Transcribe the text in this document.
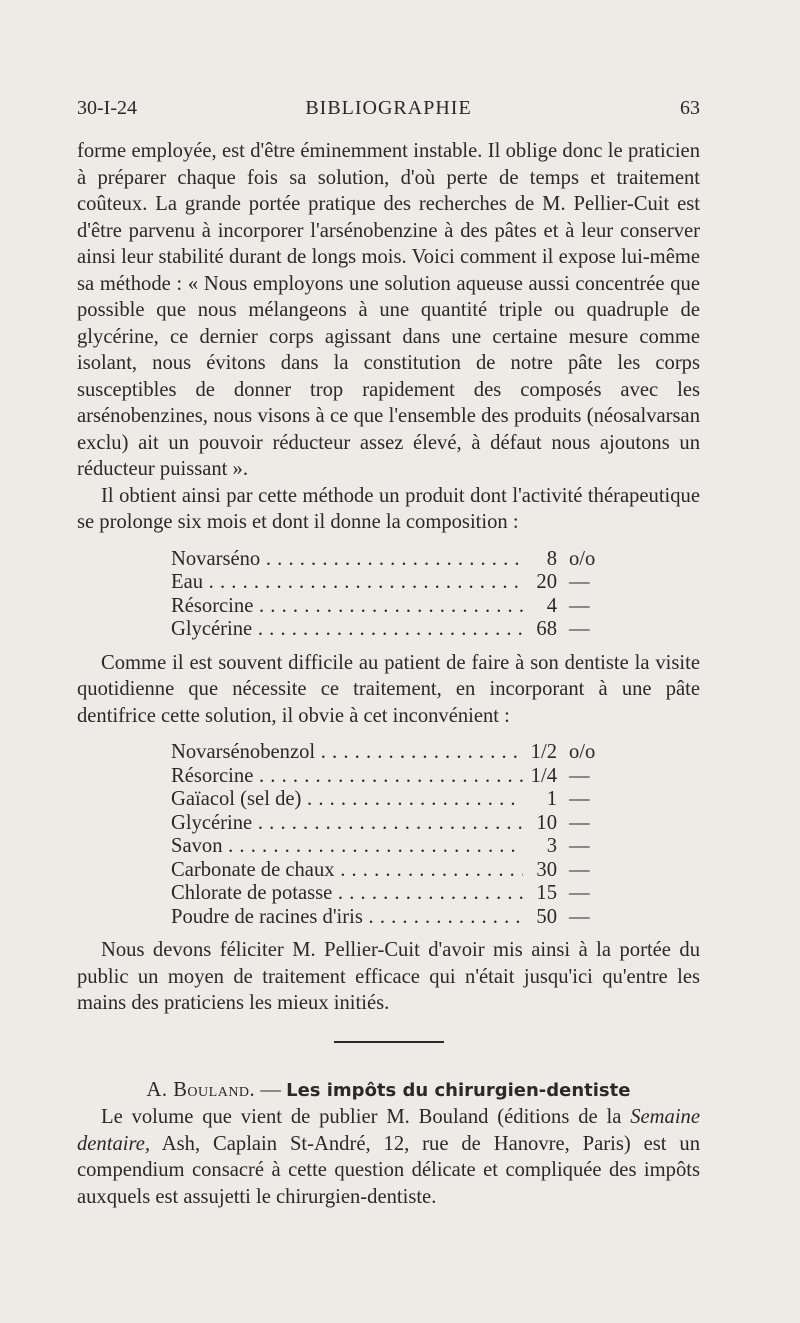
30-I-24	BIBLIOGRAPHIE	63

forme employée, est d'être éminemment instable. Il oblige donc le praticien à préparer chaque fois sa solution, d'où perte de temps et traitement coûteux. La grande portée pratique des recherches de M. Pellier-Cuit est d'être parvenu à incorporer l'arsénobenzine à des pâtes et à leur conserver ainsi leur stabilité durant de longs mois. Voici comment il expose lui-même sa méthode : « Nous employons une solution aqueuse aussi concentrée que possible que nous mélangeons à une quantité triple ou quadruple de glycérine, ce dernier corps agissant dans une certaine mesure comme isolant, nous évitons dans la constitution de notre pâte les corps susceptibles de donner trop rapidement des composés avec les arsénobenzines, nous visons à ce que l'ensemble des produits (néosalvarsan exclu) ait un pouvoir réducteur assez élevé, à défaut nous ajoutons un réducteur puissant ».

Il obtient ainsi par cette méthode un produit dont l'activité thérapeutique se prolonge six mois et dont il donne la composition :

Novarséno . . .	8 o/o
Eau . . .	20 —
Résorcine . . .	4 —
Glycérine . . .	68 —

Comme il est souvent difficile au patient de faire à son dentiste la visite quotidienne que nécessite ce traitement, en incorporant à une pâte dentifrice cette solution, il obvie à cet inconvénient :

Novarsénobenzol . . .	1/2 o/o
Résorcine . . .	1/4 —
Gaïacol (sel de) . . .	1 —
Glycérine . . .	10 —
Savon . . .	3 —
Carbonate de chaux . . .	30 —
Chlorate de potasse . . .	15 —
Poudre de racines d'iris . . .	50 —

Nous devons féliciter M. Pellier-Cuit d'avoir mis ainsi à la portée du public un moyen de traitement efficace qui n'était jusqu'ici qu'entre les mains des praticiens les mieux initiés.

A. Bouland. — Les impôts du chirurgien-dentiste

Le volume que vient de publier M. Bouland (éditions de la Semaine dentaire, Ash, Caplain St-André, 12, rue de Hanovre, Paris) est un compendium consacré à cette question délicate et compliquée des impôts auxquels est assujetti le chirurgien-dentiste.
